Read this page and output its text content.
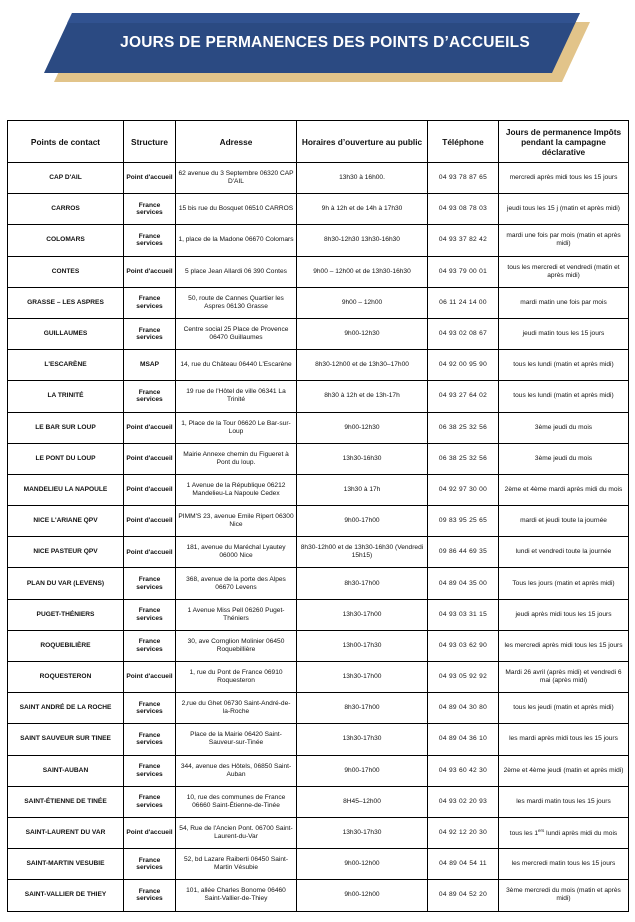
JOURS DE PERMANENCES DES POINTS D’ACCUEILS
Points de contact	Structure	Adresse	Horaires d’ouverture au public	Téléphone	Jours de permanence Impôts pendant la campagne déclarative
CAP D'AIL	Point d'accueil	62 avenue du 3 Septembre 06320 CAP D'AIL	13h30 à 16h00.	04 93 78 87 65	mercredi après midi tous les 15 jours
CARROS	France services	15 bis rue du Bosquet 06510 CARROS	9h à 12h et de 14h à 17h30	04 93 08 78 03	jeudi tous les 15 j (matin et après midi)
COLOMARS	France services	1, place de la Madone 06670 Colomars	8h30-12h30 13h30-16h30	04 93 37 82 42	mardi une fois par mois (matin et après midi)
CONTES	Point d'accueil	5 place Jean Allardi 06 390 Contes	9h00 – 12h00 et de 13h30-16h30	04 93 79 00 01	tous les mercredi et vendredi (matin et après midi)
GRASSE – LES ASPRES	France services	50, route de Cannes Quartier les Aspres 06130 Grasse	9h00 – 12h00	06 11 24 14 00	mardi matin une fois par mois
GUILLAUMES	France services	Centre social 25 Place de Provence 06470 Guillaumes	9h00-12h30	04 93 02 08 67	jeudi matin tous les 15 jours
L'ESCARÈNE	MSAP	14, rue du Château 06440 L'Escarène	8h30-12h00 et de 13h30–17h00	04 92 00 95 90	tous les lundi (matin et après midi)
LA TRINITÉ	France services	19 rue de l'Hôtel de ville 06341 La Trinité	8h30 à 12h et de 13h-17h	04 93 27 64 02	tous les lundi (matin et après midi)
LE BAR SUR LOUP	Point d'accueil	1, Place de la Tour 06620 Le Bar-sur-Loup	9h00-12h30	06 38 25 32 56	3ème jeudi du mois
LE PONT DU LOUP	Point d'accueil	Mairie Annexe chemin du Figueret à Pont du loup.	13h30-16h30	06 38 25 32 56	3ème jeudi du mois
MANDELIEU LA NAPOULE	Point d'accueil	1 Avenue de la République 06212 Mandelieu-La Napoule Cedex	13h30 à 17h	04 92 97 30 00	2ème et 4ème mardi après midi du mois
NICE L'ARIANE QPV	Point d'accueil	PIMM'S 23, avenue Emile Ripert 06300 Nice	9h00-17h00	09 83 95 25 65	mardi et jeudi toute la journée
NICE PASTEUR QPV	Point d'accueil	181, avenue du Maréchal Lyautey 06000 Nice	8h30-12h00 et de 13h30-16h30 (Vendredi 15h15)	09 86 44 69 35	lundi et vendredi toute la journée
PLAN DU VAR (LEVENS)	France services	368, avenue de la porte des Alpes 06670 Levens	8h30-17h00	04 89 04 35 00	Tous les jours (matin et après midi)
PUGET-THÉNIERS	France services	1 Avenue Miss Pell 06260 Puget-Théniers	13h30-17h00	04 93 03 31 15	jeudi après midi tous les 15 jours
ROQUEBILIÈRE	France services	30, ave Cornglion Molinier 06450 Roquebillière	13h00-17h30	04 93 03 62 90	les mercredi après midi tous les 15 jours
ROQUESTERON	Point d'accueil	1, rue du Pont de France 06910 Roquesteron	13h30-17h00	04 93 05 92 92	Mardi 26 avril (après midi) et vendredi 6 mai (après midi)
SAINT ANDRÉ DE LA ROCHE	France services	2,rue du Ghet 06730 Saint-André-de-la-Roche	8h30-17h00	04 89 04 30 80	tous les jeudi (matin et après midi)
SAINT SAUVEUR SUR TINEE	France services	Place de la Mairie 06420 Saint-Sauveur-sur-Tinée	13h30-17h30	04 89 04 36 10	les mardi après midi tous les 15 jours
SAINT-AUBAN	France services	344, avenue des Hôtels, 06850 Saint-Auban	9h00-17h00	04 93 60 42 30	2ème et 4ème jeudi (matin et après midi)
SAINT-ÉTIENNE DE TINÉE	France services	10, rue des communes de France 06660 Saint-Étienne-de-Tinée	8H45–12h00	04 93 02 20 93	les mardi matin tous les 15 jours
SAINT-LAURENT DU VAR	Point d'accueil	54, Rue de l'Ancien Pont. 06700 Saint-Laurent-du-Var	13h30-17h30	04 92 12 20 30	tous les 1ers lundi après midi du mois
SAINT-MARTIN VESUBIE	France services	52, bd Lazare Raiberti 06450 Saint-Martin Vésubie	9h00-12h00	04 89 04 54 11	les mercredi matin tous les 15 jours
SAINT-VALLIER DE THIEY	France services	101, allée Charles Bonome 06460 Saint-Vallier-de-Thiey	9h00-12h00	04 89 04 52 20	3ème mercredi du mois (matin et après midi)
